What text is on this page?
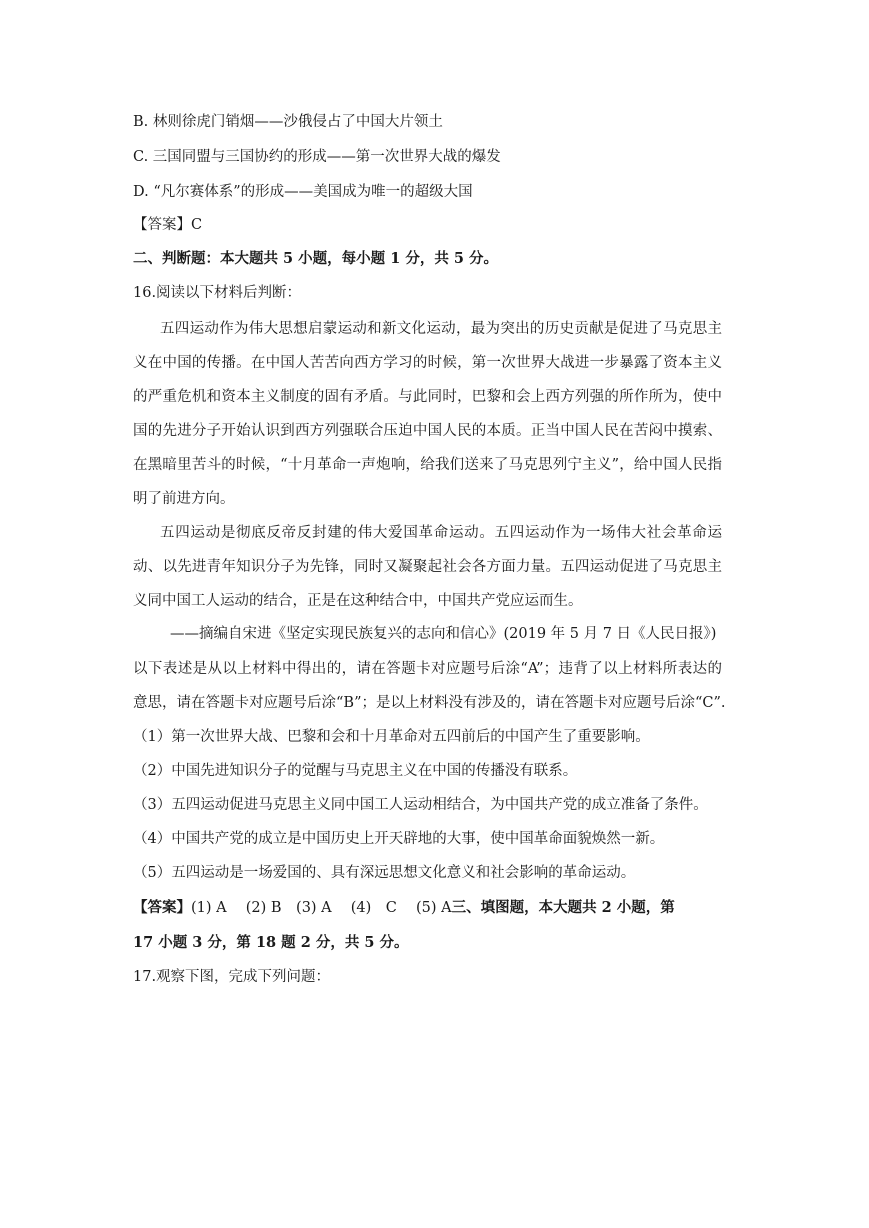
B. 林则徐虎门销烟——沙俄侵占了中国大片领土
C. 三国同盟与三国协约的形成——第一次世界大战的爆发
D. “凡尔赛体系”的形成——美国成为唯一的超级大国
【答案】C
二、判断题：本大题共 5 小题，每小题 1 分，共 5 分。
16.阅读以下材料后判断：
五四运动作为伟大思想启蒙运动和新文化运动，最为突出的历史贡献是促进了马克思主
义在中国的传播。在中国人苦苦向西方学习的时候，第一次世界大战进一步暴露了资本主义
的严重危机和资本主义制度的固有矛盾。与此同时，巴黎和会上西方列强的所作所为，使中
国的先进分子开始认识到西方列强联合压迫中国人民的本质。正当中国人民在苦闷中摸索、
在黑暗里苦斗的时候，“十月革命一声炮响，给我们送来了马克思列宁主义”，给中国人民指
明了前进方向。
五四运动是彻底反帝反封建的伟大爱国革命运动。五四运动作为一场伟大社会革命运
动、以先进青年知识分子为先锋，同时又凝聚起社会各方面力量。五四运动促进了马克思主
义同中国工人运动的结合，正是在这种结合中，中国共产党应运而生。
——摘编自宋进《坚定实现民族复兴的志向和信心》(2019 年 5 月 7 日《人民日报》)
以下表述是从以上材料中得出的，请在答题卡对应题号后涂“A”；违背了以上材料所表达的
意思，请在答题卡对应题号后涂“B”；是以上材料没有涉及的，请在答题卡对应题号后涂“C”.
（1）第一次世界大战、巴黎和会和十月革命对五四前后的中国产生了重要影响。
（2）中国先进知识分子的觉醒与马克思主义在中国的传播没有联系。
（3）五四运动促进马克思主义同中国工人运动相结合，为中国共产党的成立准备了条件。
（4）中国共产党的成立是中国历史上开天辟地的大事，使中国革命面貌焕然一新。
（5）五四运动是一场爱国的、具有深远思想文化意义和社会影响的革命运动。
【答案】(1) A　 (2) B　(3) A　 (4)　C　 (5) A三、填图题，本大题共 2 小题，第
17 小题 3 分，第 18 题 2 分，共 5 分。
17.观察下图，完成下列问题：
